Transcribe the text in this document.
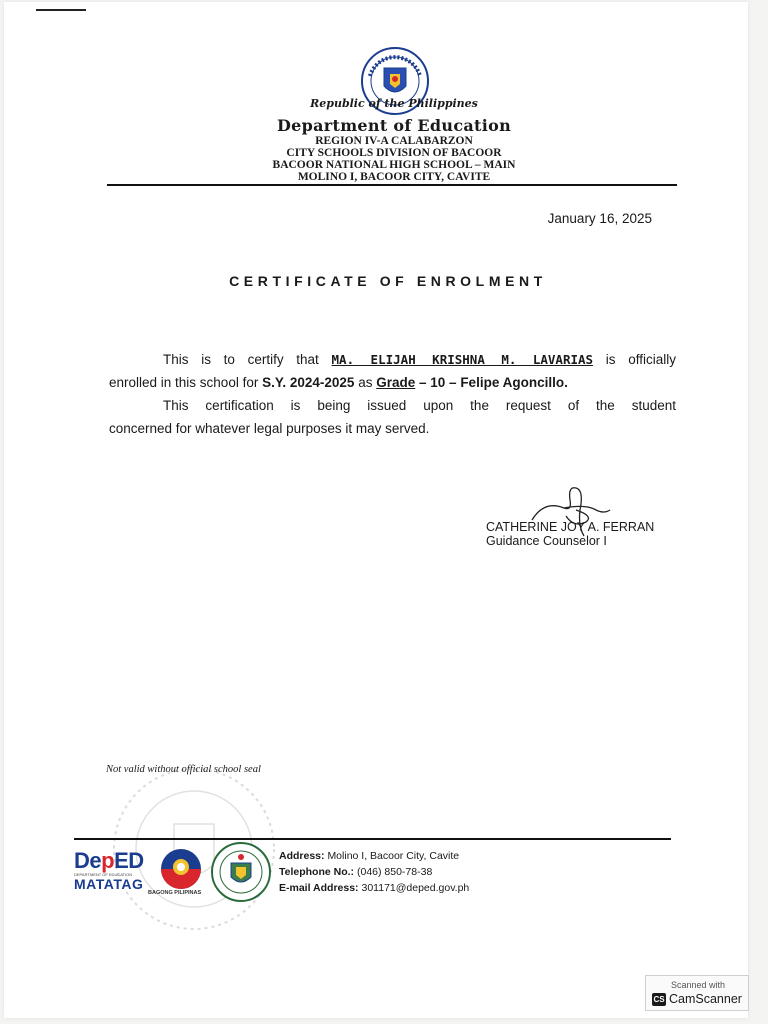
Republic of the Philippines
Department of Education
REGION IV-A CALABARZON
CITY SCHOOLS DIVISION OF BACOOR
BACOOR NATIONAL HIGH SCHOOL – MAIN
MOLINO I, BACOOR CITY, CAVITE
January 16, 2025
CERTIFICATE OF ENROLMENT
This is to certify that MA. ELIJAH KRISHNA M. LAVARIAS is officially
enrolled in this school for S.Y. 2024-2025 as Grade – 10 – Felipe Agoncillo.
This certification is being issued upon the request of the student
concerned for whatever legal purposes it may served.
CATHERINE JOY A. FERRAN
Guidance Counselor I
Not valid without official school seal
DepED
DEPARTMENT OF EDUCATION
MATATAG
BAGONG PILIPINAS
Address: Molino I, Bacoor City, Cavite
Telephone No.: (046) 850-78-38
E-mail Address: 301171@deped.gov.ph
Scanned with
CS CamScanner
